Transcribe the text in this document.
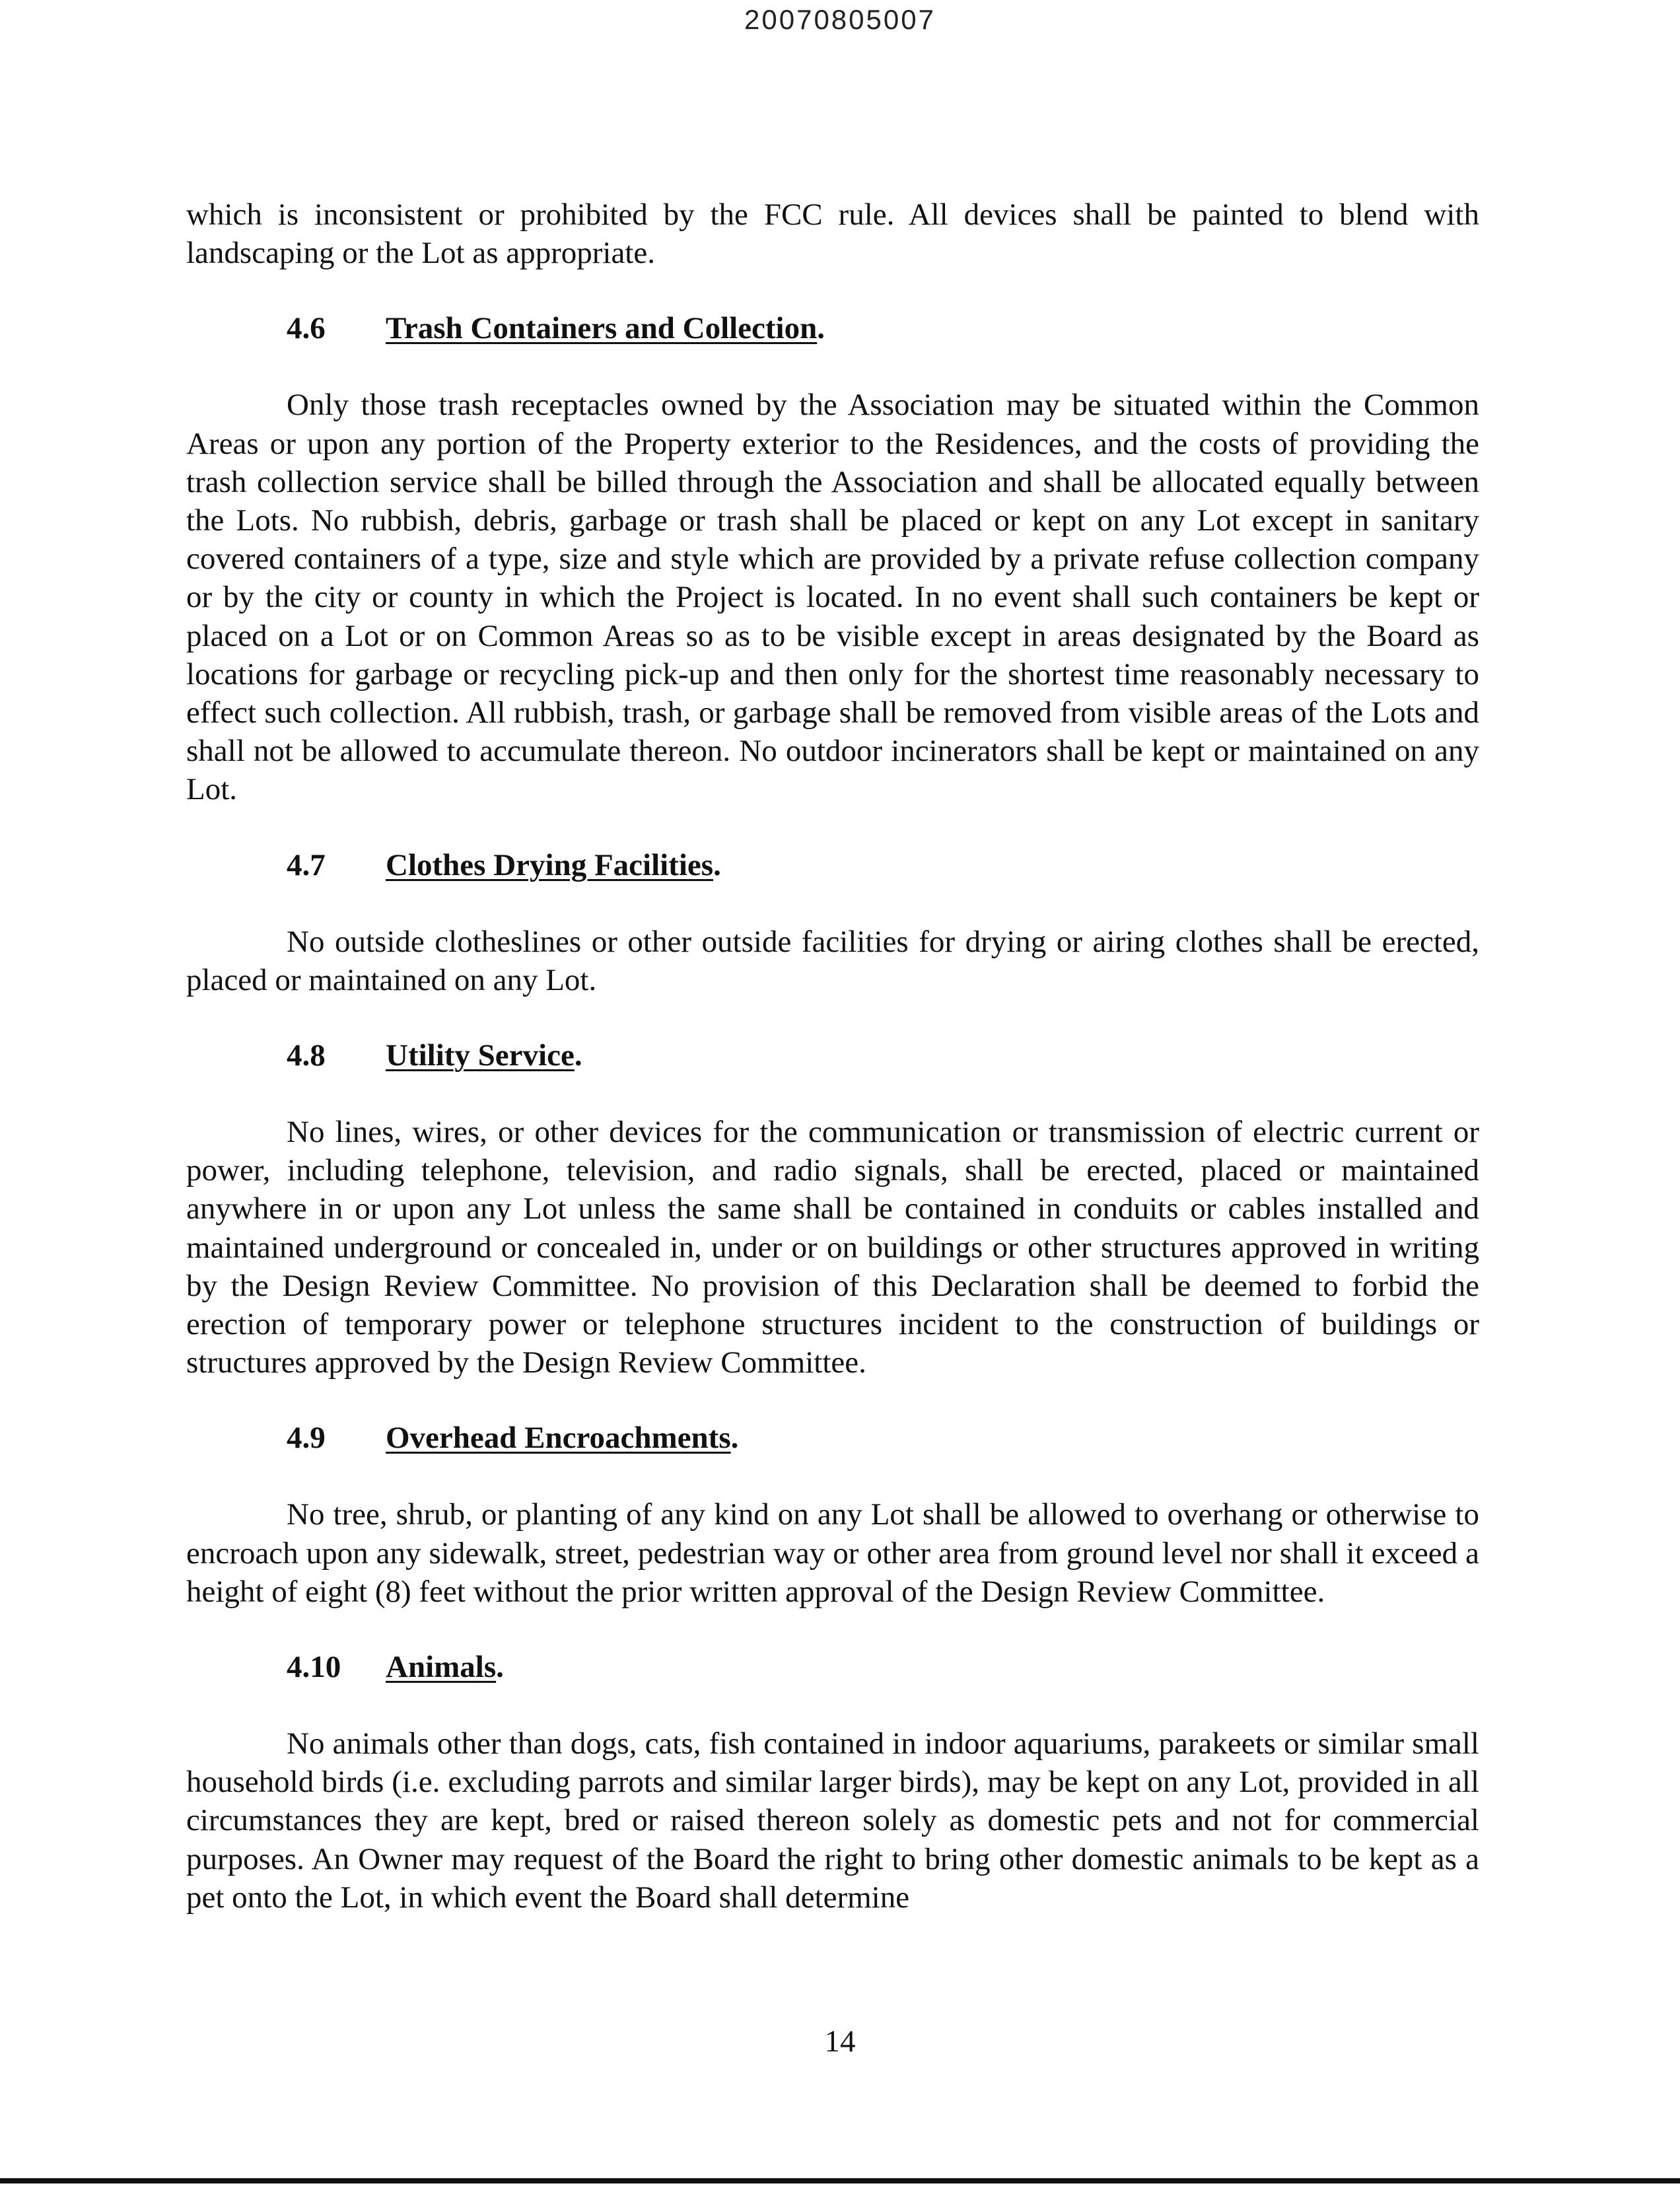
20070805007

which is inconsistent or prohibited by the FCC rule. All devices shall be painted to blend with landscaping or the Lot as appropriate.

4.6 Trash Containers and Collection.

Only those trash receptacles owned by the Association may be situated within the Common Areas or upon any portion of the Property exterior to the Residences, and the costs of providing the trash collection service shall be billed through the Association and shall be allocated equally between the Lots. No rubbish, debris, garbage or trash shall be placed or kept on any Lot except in sanitary covered containers of a type, size and style which are provided by a private refuse collection company or by the city or county in which the Project is located. In no event shall such containers be kept or placed on a Lot or on Common Areas so as to be visible except in areas designated by the Board as locations for garbage or recycling pick-up and then only for the shortest time reasonably necessary to effect such collection. All rubbish, trash, or garbage shall be removed from visible areas of the Lots and shall not be allowed to accumulate thereon. No outdoor incinerators shall be kept or maintained on any Lot.

4.7 Clothes Drying Facilities.

No outside clotheslines or other outside facilities for drying or airing clothes shall be erected, placed or maintained on any Lot.

4.8 Utility Service.

No lines, wires, or other devices for the communication or transmission of electric current or power, including telephone, television, and radio signals, shall be erected, placed or maintained anywhere in or upon any Lot unless the same shall be contained in conduits or cables installed and maintained underground or concealed in, under or on buildings or other structures approved in writing by the Design Review Committee. No provision of this Declaration shall be deemed to forbid the erection of temporary power or telephone structures incident to the construction of buildings or structures approved by the Design Review Committee.

4.9 Overhead Encroachments.

No tree, shrub, or planting of any kind on any Lot shall be allowed to overhang or otherwise to encroach upon any sidewalk, street, pedestrian way or other area from ground level nor shall it exceed a height of eight (8) feet without the prior written approval of the Design Review Committee.

4.10 Animals.

No animals other than dogs, cats, fish contained in indoor aquariums, parakeets or similar small household birds (i.e. excluding parrots and similar larger birds), may be kept on any Lot, provided in all circumstances they are kept, bred or raised thereon solely as domestic pets and not for commercial purposes. An Owner may request of the Board the right to bring other domestic animals to be kept as a pet onto the Lot, in which event the Board shall determine

14
